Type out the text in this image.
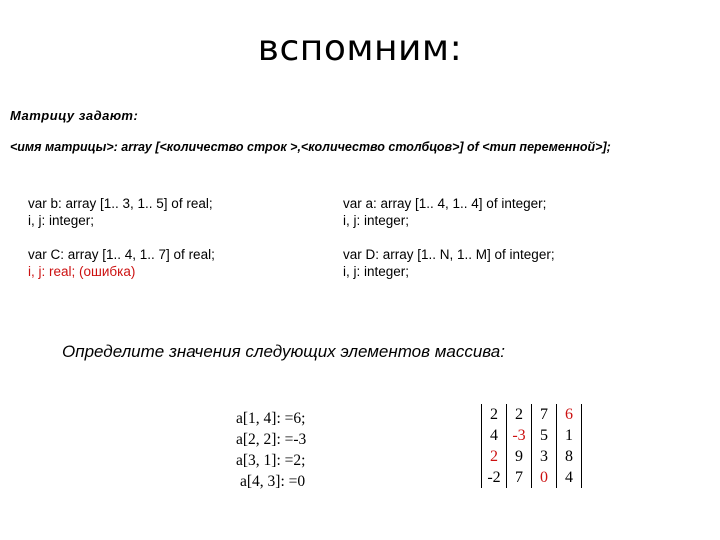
вспомним:
Матрицу задают:
<имя матрицы>: array [<количество строк >,<количество столбцов>] of <тип переменной>];
var b: array [1.. 3, 1.. 5] of real;
i, j: integer;
var a: array [1.. 4, 1.. 4] of integer;
i, j: integer;
var C: array [1.. 4, 1.. 7] of real;
i, j: real; (ошибка)
var D: array [1.. N, 1.. M] of integer;
i, j: integer;
Определите значения следующих элементов массива:
a[1, 4]: =6;
a[2, 2]: =-3
a[3, 1]: =2;
a[4, 3]: =0
2	2	7	6
4	-3	5	1
2	9	3	8
-2	7	0	4
